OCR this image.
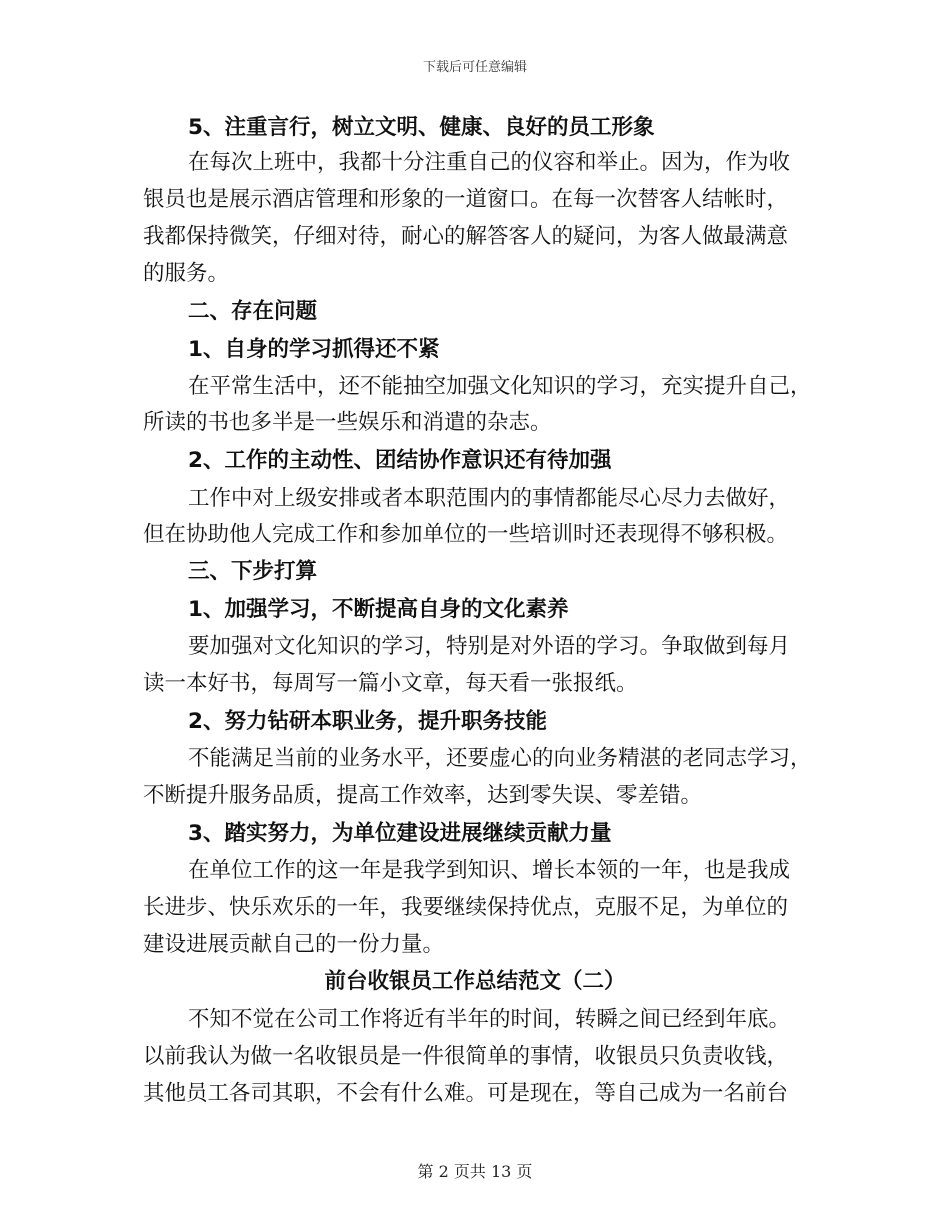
下载后可任意编辑
5、注重言行，树立文明、健康、良好的员工形象
在每次上班中，我都十分注重自己的仪容和举止。因为，作为收
银员也是展示酒店管理和形象的一道窗口。在每一次替客人结帐时，
我都保持微笑，仔细对待，耐心的解答客人的疑问，为客人做最满意
的服务。
二、存在问题
1、自身的学习抓得还不紧
在平常生活中，还不能抽空加强文化知识的学习，充实提升自己，
所读的书也多半是一些娱乐和消遣的杂志。
2、工作的主动性、团结协作意识还有待加强
工作中对上级安排或者本职范围内的事情都能尽心尽力去做好，
但在协助他人完成工作和参加单位的一些培训时还表现得不够积极。
三、下步打算
1、加强学习，不断提高自身的文化素养
要加强对文化知识的学习，特别是对外语的学习。争取做到每月
读一本好书，每周写一篇小文章，每天看一张报纸。
2、努力钻研本职业务，提升职务技能
不能满足当前的业务水平，还要虚心的向业务精湛的老同志学习，
不断提升服务品质，提高工作效率，达到零失误、零差错。
3、踏实努力，为单位建设进展继续贡献力量
在单位工作的这一年是我学到知识、增长本领的一年，也是我成
长进步、快乐欢乐的一年，我要继续保持优点，克服不足，为单位的
建设进展贡献自己的一份力量。
前台收银员工作总结范文（二）
不知不觉在公司工作将近有半年的时间，转瞬之间已经到年底。
以前我认为做一名收银员是一件很简单的事情，收银员只负责收钱，
其他员工各司其职，不会有什么难。可是现在，等自己成为一名前台
第 2 页共 13 页
